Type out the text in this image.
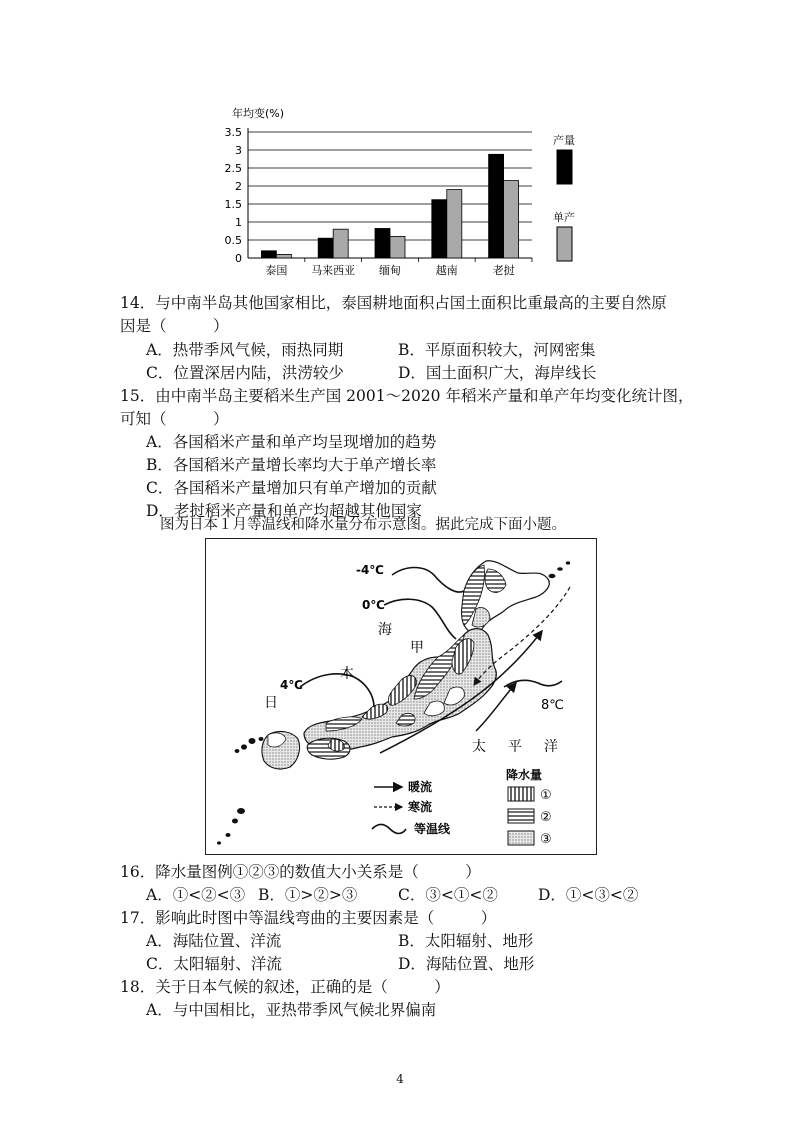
年均变(%)
3.5
3
2.5
2
1.5
1
0.5
0
泰国 马来西亚 缅甸	越南	老挝
产量
单产
14．与中南半岛其他国家相比，泰国耕地面积占国土面积比重最高的主要自然原
因是（　　　）
A．热带季风气候，雨热同期	B．平原面积较大，河网密集
C．位置深居内陆，洪涝较少	D．国土面积广大，海岸线长
15．由中南半岛主要稻米生产国 2001～2020 年稻米产量和单产年均变化统计图，
可知（　　　）
A．各国稻米产量和单产均呈现增加的趋势
B．各国稻米产量增长率均大于单产增长率
C．各国稻米产量增加只有单产增加的贡献
D．老挝稻米产量和单产均超越其他国家
图为日本１月等温线和降水量分布示意图。据此完成下面小题。
-4℃
0℃
4℃
8℃
海
甲
本
日
太 平 洋
暖流
寒流
等温线
降水量
①
②
③
16．降水量图例①②③的数值大小关系是（　　　）
A．①<②<③ B．①>②>③	C．③<①<②	D．①<③<②
17．影响此时图中等温线弯曲的主要因素是（　　　）
A．海陆位置、洋流	B．太阳辐射、地形
C．太阳辐射、洋流	D．海陆位置、地形
18．关于日本气候的叙述，正确的是（　　　）
A．与中国相比，亚热带季风气候北界偏南
4
